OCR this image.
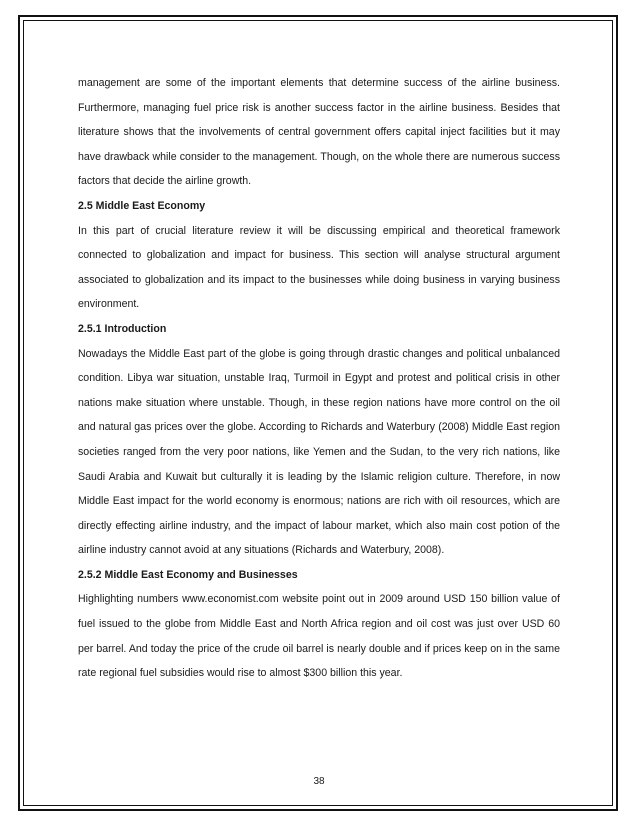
management are some of the important elements that determine success of the airline business. Furthermore, managing fuel price risk is another success factor in the airline business. Besides that literature shows that the involvements of central government offers capital inject facilities but it may have drawback while consider to the management. Though, on the whole there are numerous success factors that decide the airline growth.

2.5 Middle East Economy

In this part of crucial literature review it will be discussing empirical and theoretical framework connected to globalization and impact for business. This section will analyse structural argument associated to globalization and its impact to the businesses while doing business in varying business environment.

2.5.1 Introduction

Nowadays the Middle East part of the globe is going through drastic changes and political unbalanced condition. Libya war situation, unstable Iraq, Turmoil in Egypt and protest and political crisis in other nations make situation where unstable. Though, in these region nations have more control on the oil and natural gas prices over the globe. According to Richards and Waterbury (2008) Middle East region societies ranged from the very poor nations, like Yemen and the Sudan, to the very rich nations, like Saudi Arabia and Kuwait but culturally it is leading by the Islamic religion culture. Therefore, in now Middle East impact for the world economy is enormous; nations are rich with oil resources, which are directly effecting airline industry, and the impact of labour market, which also main cost potion of the airline industry cannot avoid at any situations (Richards and Waterbury, 2008).

2.5.2 Middle East Economy and Businesses

Highlighting numbers www.economist.com website point out in 2009 around USD 150 billion value of fuel issued to the globe from Middle East and North Africa region and oil cost was just over USD 60 per barrel. And today the price of the crude oil barrel is nearly double and if prices keep on in the same rate regional fuel subsidies would rise to almost $300 billion this year.

38
